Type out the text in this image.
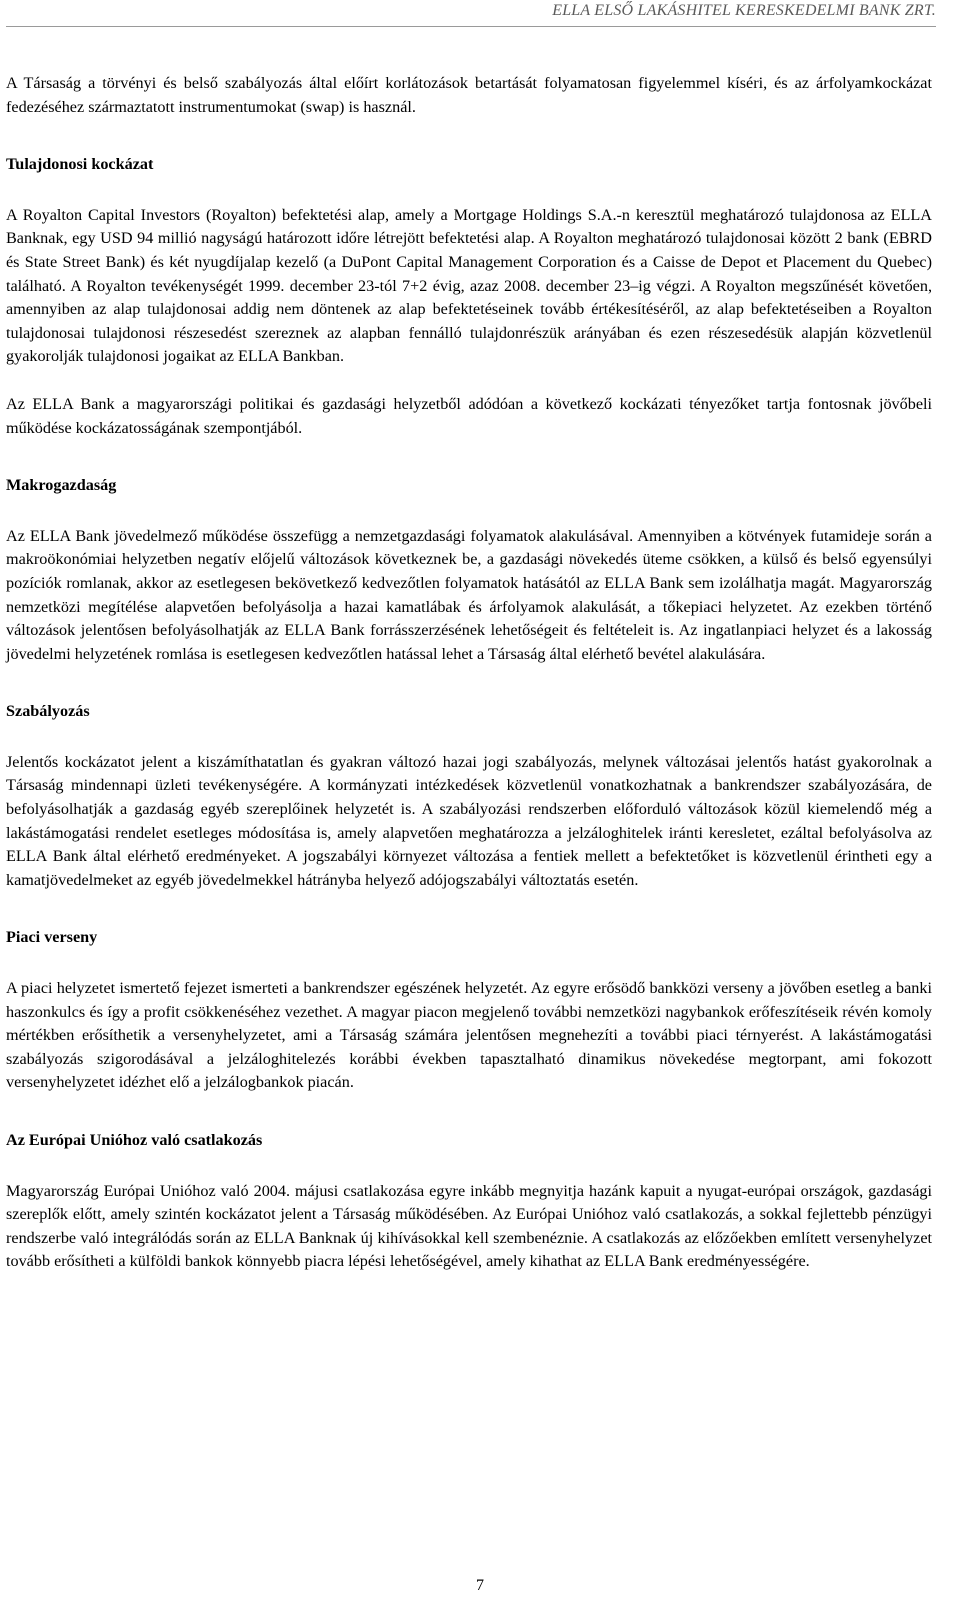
ELLA ELSŐ LAKÁSHITEL KERESKEDELMI BANK ZRT.

A Társaság a törvényi és belső szabályozás által előírt korlátozások betartását folyamatosan figyelemmel kíséri, és az árfolyamkockázat fedezéséhez származtatott instrumentumokat (swap) is használ.

Tulajdonosi kockázat

A Royalton Capital Investors (Royalton) befektetési alap, amely a Mortgage Holdings S.A.-n keresztül meghatározó tulajdonosa az ELLA Banknak, egy USD 94 millió nagyságú határozott időre létrejött befektetési alap. A Royalton meghatározó tulajdonosai között 2 bank (EBRD és State Street Bank) és két nyugdíjalap kezelő (a DuPont Capital Management Corporation és a Caisse de Depot et Placement du Quebec) található. A Royalton tevékenységét 1999. december 23-tól 7+2 évig, azaz 2008. december 23–ig végzi. A Royalton megszűnését követően, amennyiben az alap tulajdonosai addig nem döntenek az alap befektetéseinek tovább értékesítéséről, az alap befektetéseiben a Royalton tulajdonosai tulajdonosi részesedést szereznek az alapban fennálló tulajdonrészük arányában és ezen részesedésük alapján közvetlenül gyakorolják tulajdonosi jogaikat az ELLA Bankban.

Az ELLA Bank a magyarországi politikai és gazdasági helyzetből adódóan a következő kockázati tényezőket tartja fontosnak jövőbeli működése kockázatosságának szempontjából.

Makrogazdaság

Az ELLA Bank jövedelmező működése összefügg a nemzetgazdasági folyamatok alakulásával. Amennyiben a kötvények futamideje során a makroökonómiai helyzetben negatív előjelű változások következnek be, a gazdasági növekedés üteme csökken, a külső és belső egyensúlyi pozíciók romlanak, akkor az esetlegesen bekövetkező kedvezőtlen folyamatok hatásától az ELLA Bank sem izolálhatja magát. Magyarország nemzetközi megítélése alapvetően befolyásolja a hazai kamatlábak és árfolyamok alakulását, a tőkepiaci helyzetet. Az ezekben történő változások jelentősen befolyásolhatják az ELLA Bank forrásszerzésének lehetőségeit és feltételeit is. Az ingatlanpiaci helyzet és a lakosság jövedelmi helyzetének romlása is esetlegesen kedvezőtlen hatással lehet a Társaság által elérhető bevétel alakulására.

Szabályozás

Jelentős kockázatot jelent a kiszámíthatatlan és gyakran változó hazai jogi szabályozás, melynek változásai jelentős hatást gyakorolnak a Társaság mindennapi üzleti tevékenységére. A kormányzati intézkedések közvetlenül vonatkozhatnak a bankrendszer szabályozására, de befolyásolhatják a gazdaság egyéb szereplőinek helyzetét is. A szabályozási rendszerben előforduló változások közül kiemelendő még a lakástámogatási rendelet esetleges módosítása is, amely alapvetően meghatározza a jelzáloghitelek iránti keresletet, ezáltal befolyásolva az ELLA Bank által elérhető eredményeket. A jogszabályi környezet változása a fentiek mellett a befektetőket is közvetlenül érintheti egy a kamatjövedelmeket az egyéb jövedelmekkel hátrányba helyező adójogszabályi változtatás esetén.

Piaci verseny

A piaci helyzetet ismertető fejezet ismerteti a bankrendszer egészének helyzetét. Az egyre erősödő bankközi verseny a jövőben esetleg a banki haszonkulcs és így a profit csökkenéséhez vezethet. A magyar piacon megjelenő további nemzetközi nagybankok erőfeszítéseik révén komoly mértékben erősíthetik a versenyhelyzetet, ami a Társaság számára jelentősen megnehezíti a további piaci térnyerést. A lakástámogatási szabályozás szigorodásával a jelzáloghitelezés korábbi években tapasztalható dinamikus növekedése megtorpant, ami fokozott versenyhelyzetet idézhet elő a jelzálogbankok piacán.

Az Európai Unióhoz való csatlakozás

Magyarország Európai Unióhoz való 2004. májusi csatlakozása egyre inkább megnyitja hazánk kapuit a nyugat-európai országok, gazdasági szereplők előtt, amely szintén kockázatot jelent a Társaság működésében. Az Európai Unióhoz való csatlakozás, a sokkal fejlettebb pénzügyi rendszerbe való integrálódás során az ELLA Banknak új kihívásokkal kell szembenéznie. A csatlakozás az előzőekben említett versenyhelyzet tovább erősítheti a külföldi bankok könnyebb piacra lépési lehetőségével, amely kihathat az ELLA Bank eredményességére.

7
